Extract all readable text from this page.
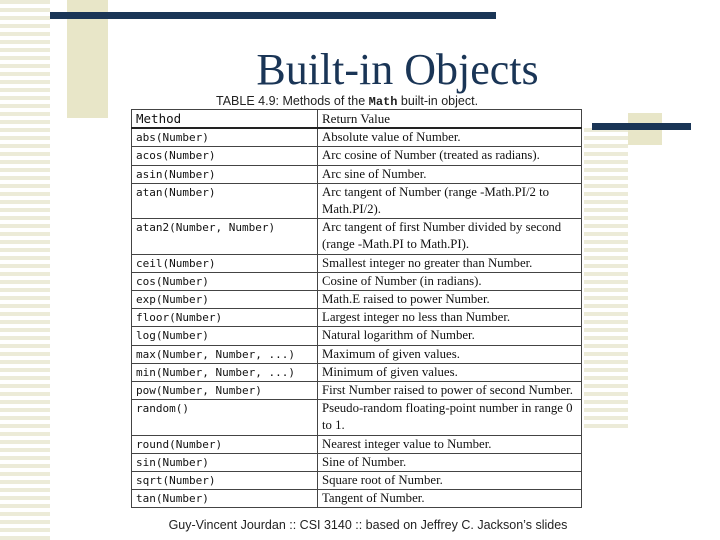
Built-in Objects
TABLE 4.9: Methods of the Math built-in object.
Method	Return Value
abs(Number)	Absolute value of Number.
acos(Number)	Arc cosine of Number (treated as radians).
asin(Number)	Arc sine of Number.
atan(Number)	Arc tangent of Number (range -Math.PI/2 to Math.PI/2).
atan2(Number, Number)	Arc tangent of first Number divided by second (range -Math.PI to Math.PI).
ceil(Number)	Smallest integer no greater than Number.
cos(Number)	Cosine of Number (in radians).
exp(Number)	Math.E raised to power Number.
floor(Number)	Largest integer no less than Number.
log(Number)	Natural logarithm of Number.
max(Number, Number, ...)	Maximum of given values.
min(Number, Number, ...)	Minimum of given values.
pow(Number, Number)	First Number raised to power of second Number.
random()	Pseudo-random floating-point number in range 0 to 1.
round(Number)	Nearest integer value to Number.
sin(Number)	Sine of Number.
sqrt(Number)	Square root of Number.
tan(Number)	Tangent of Number.
Guy-Vincent Jourdan :: CSI 3140 :: based on Jeffrey C. Jackson’s slides
